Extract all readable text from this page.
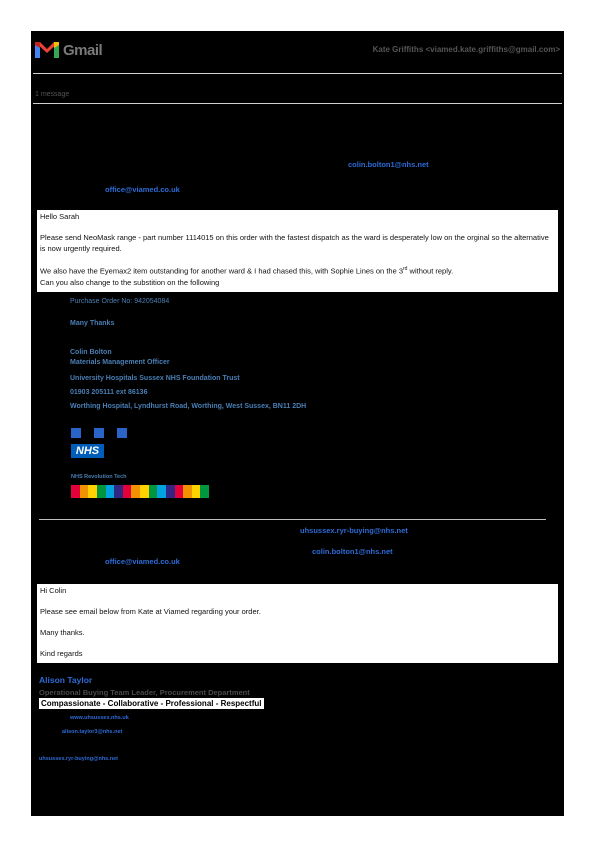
Gmail	Kate Griffiths <viamed.kate.griffiths@gmail.com>
1 message
colin.bolton1@nhs.net
office@viamed.co.uk

Hello Sarah

Please send NeoMask range - part number 1114015 on this order with the fastest dispatch as the ward is desperately low on the orginal so the alternative is now urgently required.

We also have the Eyemax2 item outstanding for another ward & I had chased this, with Sophie Lines on the 3rd without reply.

Can you also change to the substition on the following

Purchase Order No: 942054084
Many Thanks
Colin Bolton
Materials Management Officer
University Hospitals Sussex NHS Foundation Trust
01903 205111 ext 86136
Worthing Hospital, Lyndhurst Road, Worthing, West Sussex, BN11 2DH
NHS
NHS Revolution Tech
uhsussex.ryr-buying@nhs.net
colin.bolton1@nhs.net
office@viamed.co.uk

Hi Colin

Please see email below from Kate at Viamed regarding your order.

Many thanks.

Kind regards

Alison Taylor
Operational Buying Team Leader, Procurement Department
Compassionate - Collaborative - Professional - Respectful
www.uhsussex.nhs.uk
alison.taylor3@nhs.net
uhsussex.ryr-buying@nhs.net
